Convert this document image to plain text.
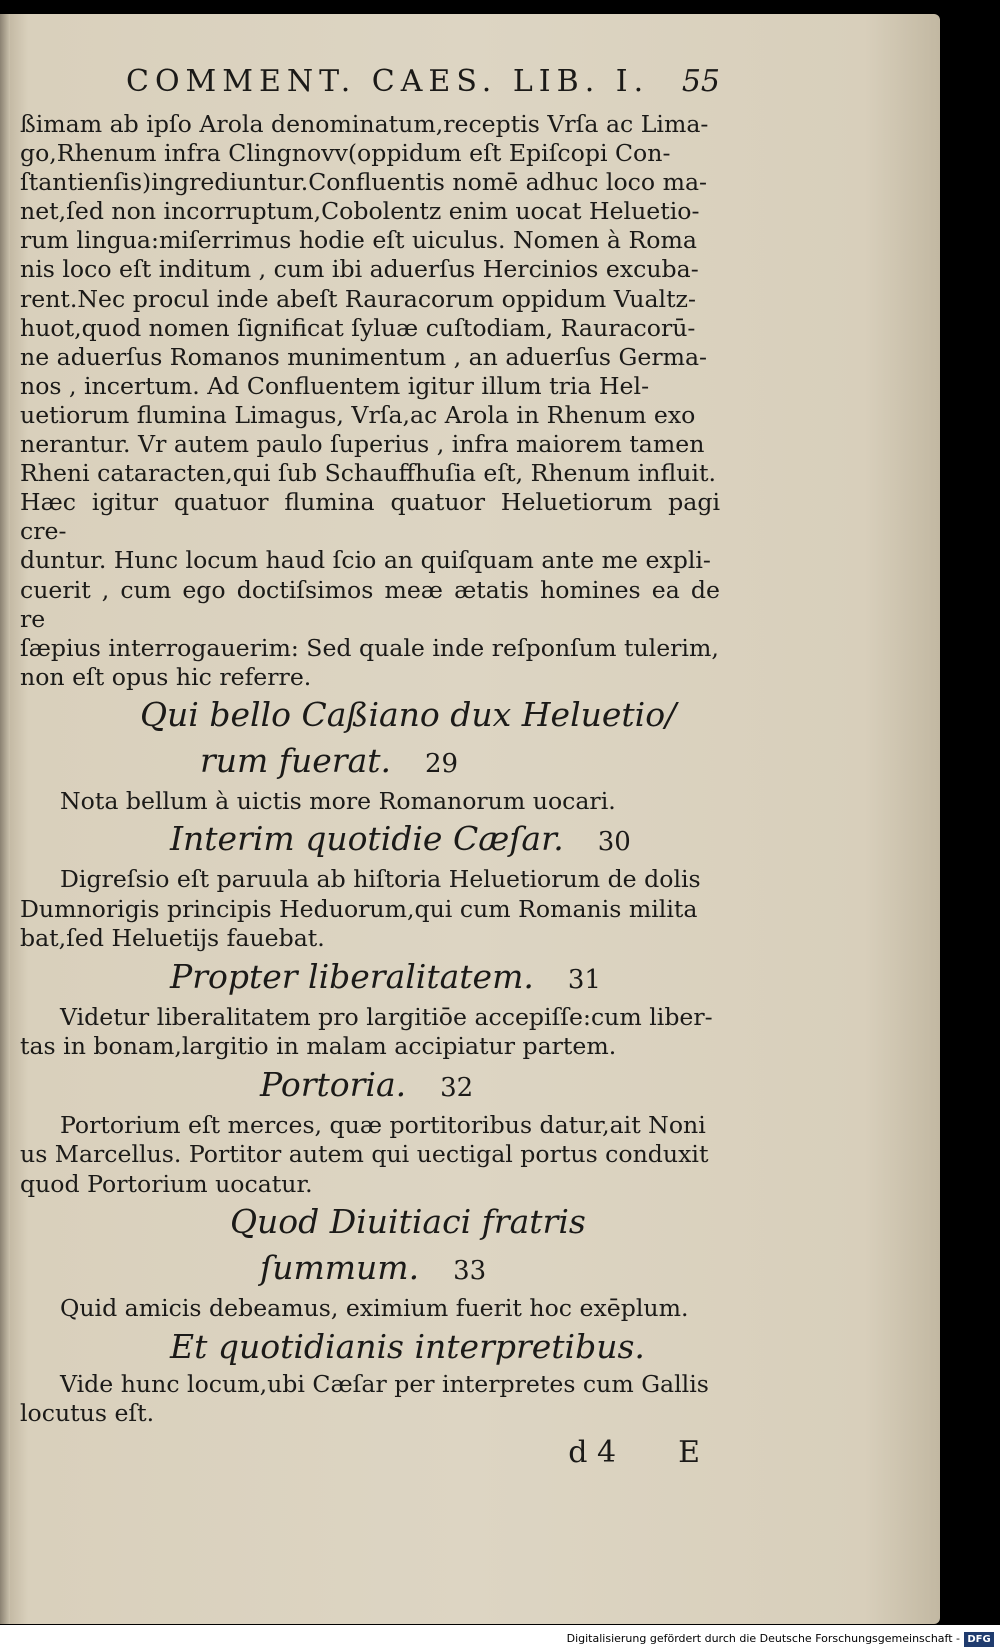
COMMENT. CAES. LIB. I. 55

ßimam ab ipſo Arola denominatum,receptis Vrſa ac Lima-
go,Rhenum infra Clingnovv(oppidum eſt Epiſcopi Con-
ſtantienſis)ingrediuntur.Confluentis nomē adhuc loco ma-
net,ſed non incorruptum,Cobolentz enim uocat Heluetio-
rum lingua:miſerrimus hodie eſt uiculus. Nomen à Roma
nis loco eſt inditum , cum ibi aduerſus Hercinios excuba-
rent.Nec procul inde abeſt Rauracorum oppidum Vualtz-
huot,quod nomen ſignificat ſyluæ cuſtodiam, Rauracorū-
ne aduerſus Romanos munimentum , an aduerſus Germa-
nos , incertum. Ad Confluentem igitur illum tria Hel-
uetiorum flumina Limagus, Vrſa,ac Arola in Rhenum exo
nerantur. Vr autem paulo ſuperius , infra maiorem tamen
Rheni cataracten,qui ſub Schauffhuſia eſt, Rhenum influit.
Hæc igitur quatuor flumina quatuor Heluetiorum pagi cre-
duntur. Hunc locum haud ſcio an quiſquam ante me expli-
cuerit , cum ego doctiſsimos meæ ætatis homines ea de re
ſæpius interrogauerim: Sed quale inde reſponſum tulerim,
non eſt opus hic referre.

Qui bello Caßiano dux Heluetio/

rum fuerat. 29

Nota bellum à uictis more Romanorum uocari.

Interim quotidie Cæſar. 30

Digreſsio eſt paruula ab hiſtoria Heluetiorum de dolis
Dumnorigis principis Heduorum,qui cum Romanis milita
bat,ſed Heluetijs fauebat.

Propter liberalitatem. 31

Videtur liberalitatem pro largitiōe accepiſſe:cum liber-
tas in bonam,largitio in malam accipiatur partem.

Portoria. 32

Portorium eſt merces, quæ portitoribus datur,ait Noni
us Marcellus. Portitor autem qui uectigal portus conduxit
quod Portorium uocatur.

Quod Diuitiaci fratris

ſummum. 33

Quid amicis debeamus, eximium fuerit hoc exēplum.

Et quotidianis interpretibus.

Vide hunc locum,ubi Cæſar per interpretes cum Gallis
locutus eſt.

d 4 E
Digitalisierung gefördert durch die Deutsche Forschungsgemeinschaft - DFG
